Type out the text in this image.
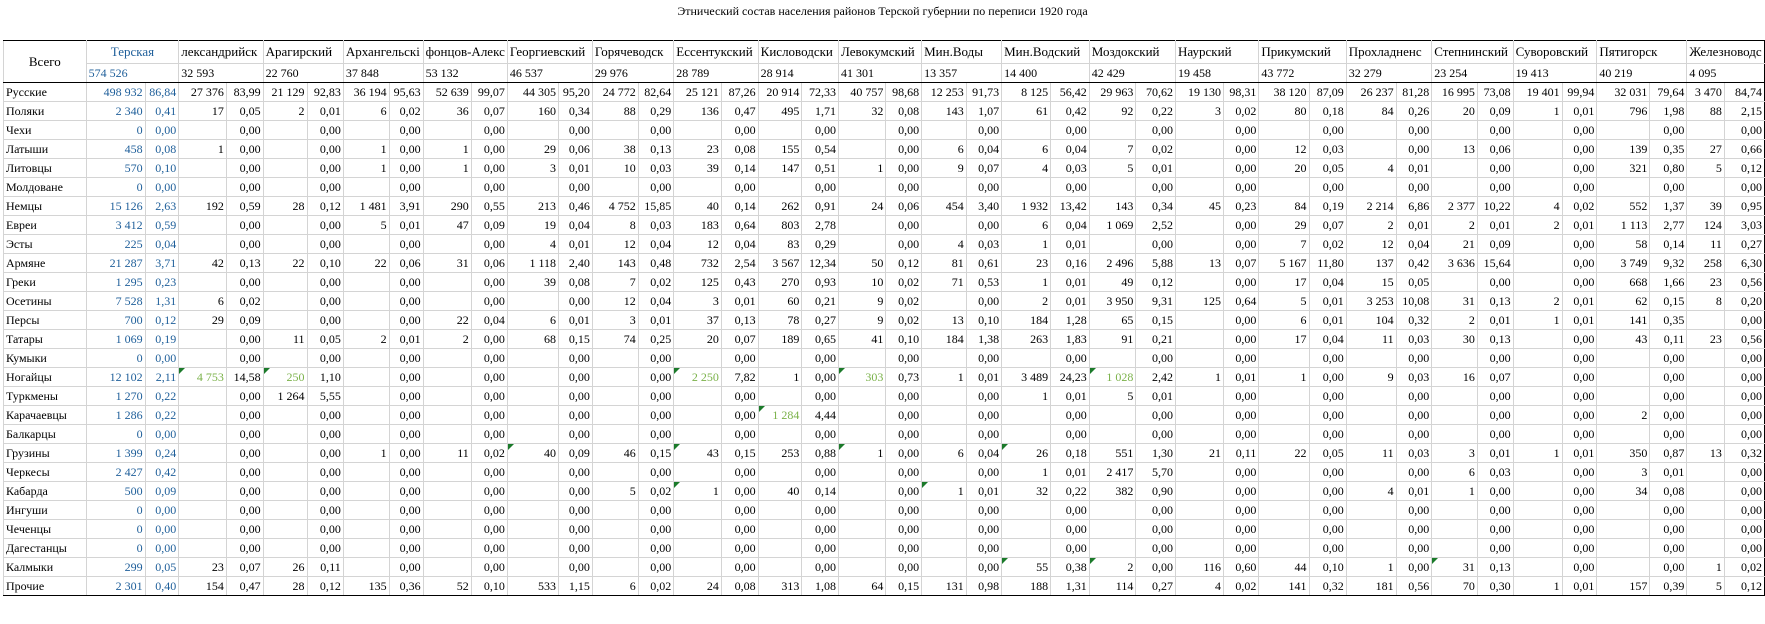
Этнический состав населения районов Терской губернии по переписи 1920 года
Всего	Терская		лександрийск		Арагирский		Архангельскі		фонцов-Алекс		Георгиевский		Горячеводск		Ессентукский		Кисловодски		Левокумский		Мин.Воды		Мин.Водский		Моздокский		Наурский		Прикумский		Прохладненс		Степнинский		Суворовский		Пятигорск		Железноводс	
	574 526		32 593		22 760		37 848		53 132		46 537		29 976		28 789		28 914		41 301		13 357		14 400		42 429		19 458		43 772		32 279		23 254		19 413		40 219		4 095	
Русские	498 932	86,84	27 376	83,99	21 129	92,83	36 194	95,63	52 639	99,07	44 305	95,20	24 772	82,64	25 121	87,26	20 914	72,33	40 757	98,68	12 253	91,73	8 125	56,42	29 963	70,62	19 130	98,31	38 120	87,09	26 237	81,28	16 995	73,08	19 401	99,94	32 031	79,64	3 470	84,74
Поляки	2 340	0,41	17	0,05	2	0,01	6	0,02	36	0,07	160	0,34	88	0,29	136	0,47	495	1,71	32	0,08	143	1,07	61	0,42	92	0,22	3	0,02	80	0,18	84	0,26	20	0,09	1	0,01	796	1,98	88	2,15
Чехи	0	0,00		0,00		0,00		0,00		0,00		0,00		0,00		0,00		0,00		0,00		0,00		0,00		0,00		0,00		0,00		0,00		0,00		0,00		0,00		0,00
Латыши	458	0,08	1	0,00		0,00	1	0,00	1	0,00	29	0,06	38	0,13	23	0,08	155	0,54		0,00	6	0,04	6	0,04	7	0,02		0,00	12	0,03		0,00	13	0,06		0,00	139	0,35	27	0,66
Литовцы	570	0,10		0,00		0,00	1	0,00	1	0,00	3	0,01	10	0,03	39	0,14	147	0,51	1	0,00	9	0,07	4	0,03	5	0,01		0,00	20	0,05	4	0,01		0,00		0,00	321	0,80	5	0,12
Молдоване	0	0,00		0,00		0,00		0,00		0,00		0,00		0,00		0,00		0,00		0,00		0,00		0,00		0,00		0,00		0,00		0,00		0,00		0,00		0,00		0,00
Немцы	15 126	2,63	192	0,59	28	0,12	1 481	3,91	290	0,55	213	0,46	4 752	15,85	40	0,14	262	0,91	24	0,06	454	3,40	1 932	13,42	143	0,34	45	0,23	84	0,19	2 214	6,86	2 377	10,22	4	0,02	552	1,37	39	0,95
Евреи	3 412	0,59		0,00		0,00	5	0,01	47	0,09	19	0,04	8	0,03	183	0,64	803	2,78		0,00		0,00	6	0,04	1 069	2,52		0,00	29	0,07	2	0,01	2	0,01	2	0,01	1 113	2,77	124	3,03
Эсты	225	0,04		0,00		0,00		0,00		0,00	4	0,01	12	0,04	12	0,04	83	0,29		0,00	4	0,03	1	0,01		0,00		0,00	7	0,02	12	0,04	21	0,09		0,00	58	0,14	11	0,27
Армяне	21 287	3,71	42	0,13	22	0,10	22	0,06	31	0,06	1 118	2,40	143	0,48	732	2,54	3 567	12,34	50	0,12	81	0,61	23	0,16	2 496	5,88	13	0,07	5 167	11,80	137	0,42	3 636	15,64		0,00	3 749	9,32	258	6,30
Греки	1 295	0,23		0,00		0,00		0,00		0,00	39	0,08	7	0,02	125	0,43	270	0,93	10	0,02	71	0,53	1	0,01	49	0,12		0,00	17	0,04	15	0,05		0,00		0,00	668	1,66	23	0,56
Осетины	7 528	1,31	6	0,02		0,00		0,00		0,00		0,00	12	0,04	3	0,01	60	0,21	9	0,02		0,00	2	0,01	3 950	9,31	125	0,64	5	0,01	3 253	10,08	31	0,13	2	0,01	62	0,15	8	0,20
Персы	700	0,12	29	0,09		0,00		0,00	22	0,04	6	0,01	3	0,01	37	0,13	78	0,27	9	0,02	13	0,10	184	1,28	65	0,15		0,00	6	0,01	104	0,32	2	0,01	1	0,01	141	0,35		0,00
Татары	1 069	0,19		0,00	11	0,05	2	0,01	2	0,00	68	0,15	74	0,25	20	0,07	189	0,65	41	0,10	184	1,38	263	1,83	91	0,21		0,00	17	0,04	11	0,03	30	0,13		0,00	43	0,11	23	0,56
Кумыки	0	0,00		0,00		0,00		0,00		0,00		0,00		0,00		0,00		0,00		0,00		0,00		0,00		0,00		0,00		0,00		0,00		0,00		0,00		0,00		0,00
Ногайцы	12 102	2,11	4 753	14,58	250	1,10		0,00		0,00		0,00		0,00	2 250	7,82	1	0,00	303	0,73	1	0,01	3 489	24,23	1 028	2,42	1	0,01	1	0,00	9	0,03	16	0,07		0,00		0,00		0,00
Туркмены	1 270	0,22		0,00	1 264	5,55		0,00		0,00		0,00		0,00		0,00		0,00		0,00		0,00	1	0,01	5	0,01		0,00		0,00		0,00		0,00		0,00		0,00		0,00
Карачаевцы	1 286	0,22		0,00		0,00		0,00		0,00		0,00		0,00		0,00	1 284	4,44		0,00		0,00		0,00		0,00		0,00		0,00		0,00		0,00		0,00	2	0,00		0,00
Балкарцы	0	0,00		0,00		0,00		0,00		0,00		0,00		0,00		0,00		0,00		0,00		0,00		0,00		0,00		0,00		0,00		0,00		0,00		0,00		0,00		0,00
Грузины	1 399	0,24		0,00		0,00	1	0,00	11	0,02	40	0,09	46	0,15	43	0,15	253	0,88	1	0,00	6	0,04	26	0,18	551	1,30	21	0,11	22	0,05	11	0,03	3	0,01	1	0,01	350	0,87	13	0,32
Черкесы	2 427	0,42		0,00		0,00		0,00		0,00		0,00		0,00		0,00		0,00		0,00		0,00	1	0,01	2 417	5,70		0,00		0,00		0,00	6	0,03		0,00	3	0,01		0,00
Кабарда	500	0,09		0,00		0,00		0,00		0,00		0,00	5	0,02	1	0,00	40	0,14		0,00	1	0,01	32	0,22	382	0,90		0,00		0,00	4	0,01	1	0,00		0,00	34	0,08		0,00
Ингуши	0	0,00		0,00		0,00		0,00		0,00		0,00		0,00		0,00		0,00		0,00		0,00		0,00		0,00		0,00		0,00		0,00		0,00		0,00		0,00		0,00
Чеченцы	0	0,00		0,00		0,00		0,00		0,00		0,00		0,00		0,00		0,00		0,00		0,00		0,00		0,00		0,00		0,00		0,00		0,00		0,00		0,00		0,00
Дагестанцы	0	0,00		0,00		0,00		0,00		0,00		0,00		0,00		0,00		0,00		0,00		0,00		0,00		0,00		0,00		0,00		0,00		0,00		0,00		0,00		0,00
Калмыки	299	0,05	23	0,07	26	0,11		0,00		0,00		0,00		0,00		0,00		0,00		0,00		0,00	55	0,38	2	0,00	116	0,60	44	0,10	1	0,00	31	0,13		0,00		0,00	1	0,02
Прочие	2 301	0,40	154	0,47	28	0,12	135	0,36	52	0,10	533	1,15	6	0,02	24	0,08	313	1,08	64	0,15	131	0,98	188	1,31	114	0,27	4	0,02	141	0,32	181	0,56	70	0,30	1	0,01	157	0,39	5	0,12
